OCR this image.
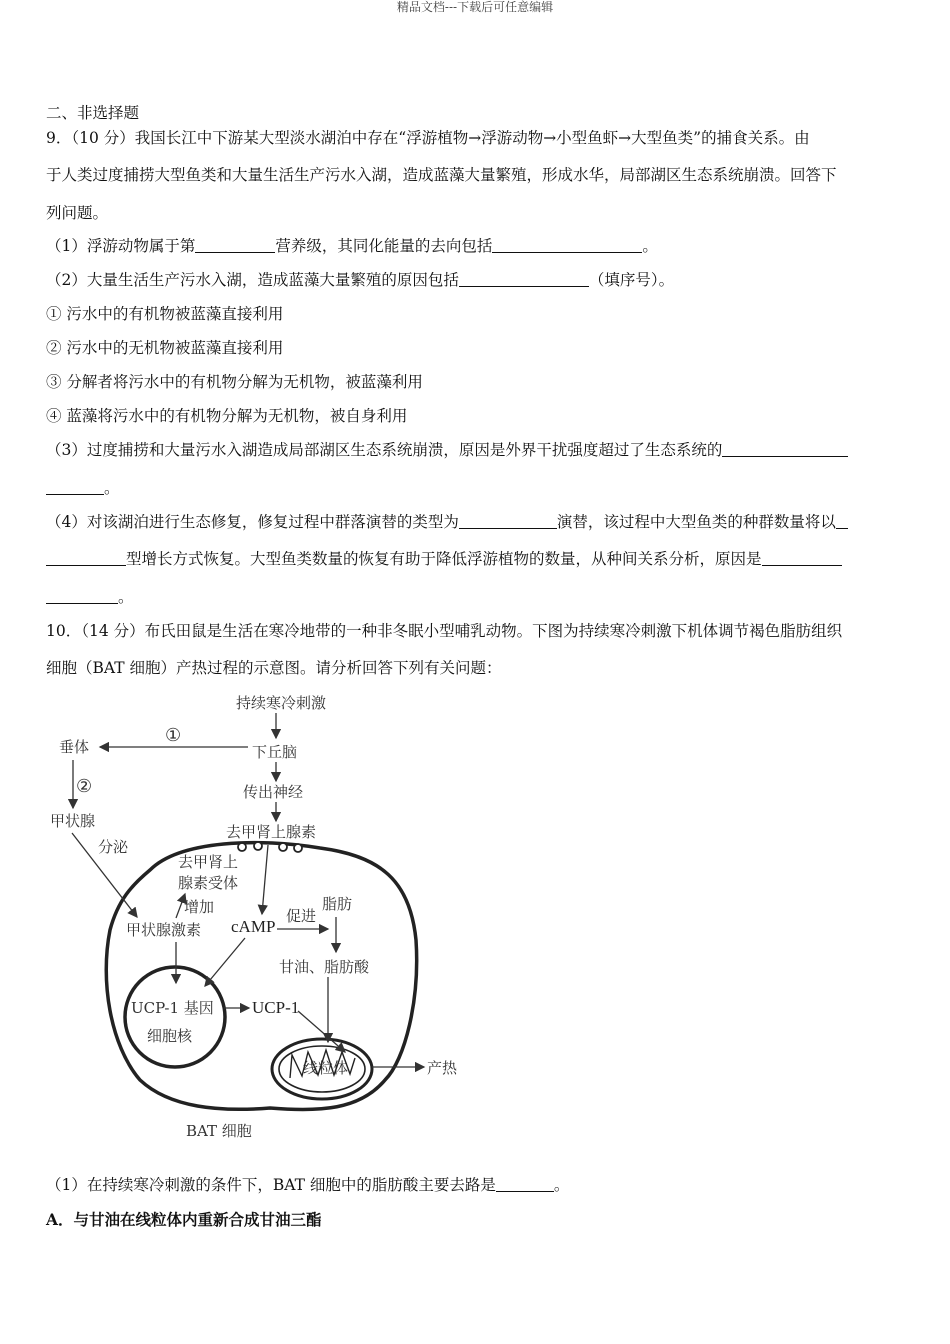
精品文档---下载后可任意编辑
二、非选择题
9．（10 分）我国长江中下游某大型淡水湖泊中存在“浮游植物→浮游动物→小型鱼虾→大型鱼类”的捕食关系。由
于人类过度捕捞大型鱼类和大量生活生产污水入湖，造成蓝藻大量繁殖，形成水华，局部湖区生态系统崩溃。回答下
列问题。
（1）浮游动物属于第	营养级，其同化能量的去向包括	。
（2）大量生活生产污水入湖，造成蓝藻大量繁殖的原因包括	（填序号）。
① 污水中的有机物被蓝藻直接利用
② 污水中的无机物被蓝藻直接利用
③ 分解者将污水中的有机物分解为无机物，被蓝藻利用
④ 蓝藻将污水中的有机物分解为无机物，被自身利用
（3）过度捕捞和大量污水入湖造成局部湖区生态系统崩溃，原因是外界干扰强度超过了生态系统的
。
（4）对该湖泊进行生态修复，修复过程中群落演替的类型为	演替，该过程中大型鱼类的种群数量将以
型增长方式恢复。大型鱼类数量的恢复有助于降低浮游植物的数量，从种间关系分析，原因是
。
10．（14 分）布氏田鼠是生活在寒冷地带的一种非冬眠小型哺乳动物。下图为持续寒冷刺激下机体调节褐色脂肪组织
细胞（BAT 细胞）产热过程的示意图。请分析回答下列有关问题：
持续寒冷刺激
下丘脑
垂体
①
②	传出神经
甲状腺
分泌
去甲肾上腺素
去甲肾上
腺素受体
增加
甲状腺激素 cAMP
促进
脂肪
甘油、脂肪酸
UCP-1 基因 UCP-1
细胞核
线粒体	产热
BAT 细胞
（1）在持续寒冷刺激的条件下，BAT 细胞中的脂肪酸主要去路是	。
A．与甘油在线粒体内重新合成甘油三酯
